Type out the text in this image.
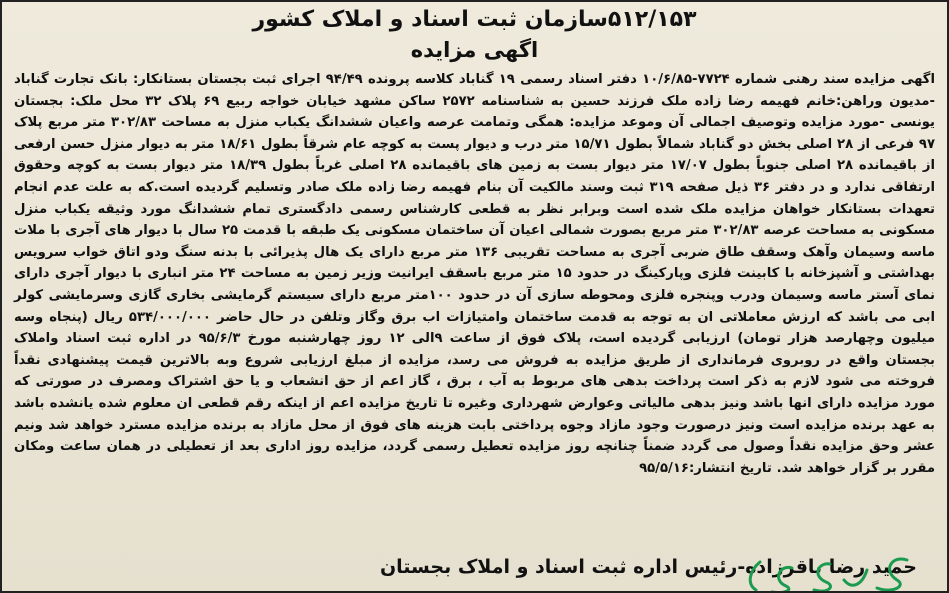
۵۱۲/۱۵۳سازمان ثبت اسناد و املاک کشور
اگهی مزایده

اگهی مزایده سند رهنی شماره ۷۷۲۴-۱۰/۶/۸۵ دفتر اسناد رسمی ۱۹ گناباد کلاسه پرونده ۹۴/۴۹ اجرای ثبت بجستان بستانکار: بانک تجارت گناباد -مدیون وراهن:خانم فهیمه رضا زاده ملک فرزند حسین به شناسنامه ۲۵۷۲ ساکن مشهد خیابان خواجه ربیع ۶۹ پلاک ۳۲ محل ملک: بجستان یونسی -مورد مزایده وتوصیف اجمالی آن وموعد مزایده: همگی وتمامت عرصه واعیان ششدانگ یکباب منزل به مساحت ۳۰۲/۸۳ متر مربع پلاک ۹۷ فرعی از ۲۸ اصلی بخش دو گناباد شمالاً بطول ۱۵/۷۱ متر درب و دیوار پست به کوچه عام شرقاً بطول ۱۸/۶۱ متر به دیوار منزل حسن ارفعی از باقیمانده ۲۸ اصلی جنوباً بطول ۱۷/۰۷ متر دیوار بست به زمین های باقیمانده ۲۸ اصلی غرباً بطول ۱۸/۳۹ متر دیوار بست به کوچه وحقوق ارتفاقی ندارد و در دفتر ۳۶ ذیل صفحه ۳۱۹ ثبت وسند مالکیت آن بنام فهیمه رضا زاده ملک صادر وتسلیم گردیده است.که به علت عدم انجام تعهدات بستانکار خواهان مزایده ملک شده است وبرابر نظر به قطعی کارشناس رسمی دادگستری تمام ششدانگ مورد وثیقه یکباب منزل مسکونی به مساحت عرصه ۳۰۲/۸۳ متر مربع بصورت شمالی اعیان آن ساختمان مسکونی یک طبقه با قدمت ۲۵ سال با دیوار های آجری با ملات ماسه وسیمان وآهک وسقف طاق ضربی آجری به مساحت تقریبی ۱۳۶ متر مربع دارای یک هال پذیرائی با بدنه سنگ ودو اتاق خواب سرویس بهداشتی و آشپزخانه با کابینت فلزی وپارکینگ در حدود ۱۵ متر مربع باسقف ایرانیت وزیر زمین به مساحت ۲۴ متر انباری با دیوار آجری دارای نمای آستر ماسه وسیمان ودرب وپنجره فلزی ومحوطه سازی آن در حدود ۱۰۰متر مربع دارای سیستم گرمایشی بخاری گازی وسرمایشی کولر ابی می باشد که ارزش معاملاتی ان به توجه به قدمت ساختمان وامتیازات اب برق وگاز وتلفن در حال حاضر ۵۳۴/۰۰۰/۰۰۰ ریال (پنجاه وسه میلیون وچهارصد هزار تومان) ارزیابی گردیده است، پلاک فوق از ساعت ۹الی ۱۲ روز چهارشنبه مورخ ۹۵/۶/۳ در اداره ثبت اسناد واملاک بجستان واقع در روبروی فرمانداری از طریق مزایده به فروش می رسد، مزایده از مبلغ ارزیابی شروع وبه بالاترین قیمت پیشنهادی نقداً فروخته می شود لازم به ذکر است پرداخت بدهی های مربوط به آب ، برق ، گاز اعم از حق انشعاب و یا حق اشتراک ومصرف در صورتی که مورد مزایده دارای انها باشد ونیز بدهی مالیاتی وعوارض شهرداری وغیره تا تاریخ مزایده اعم از اینکه رقم قطعی ان معلوم شده یانشده باشد به عهد برنده مزایده است ونیز درصورت وجود مازاد وجوه پرداختی بابت هزینه های فوق از محل مازاد به برنده مزایده مسترد خواهد شد ونیم عشر وحق مزایده نقداً وصول می گردد ضمناً چنانچه روز مزایده تعطیل رسمی گردد، مزایده روز اداری بعد از تعطیلی در همان ساعت ومکان مقرر بر گزار خواهد شد. تاریخ انتشار:۹۵/۵/۱۶

حمید رضا باقرزاده-رئیس اداره ثبت اسناد و املاک بجستان
